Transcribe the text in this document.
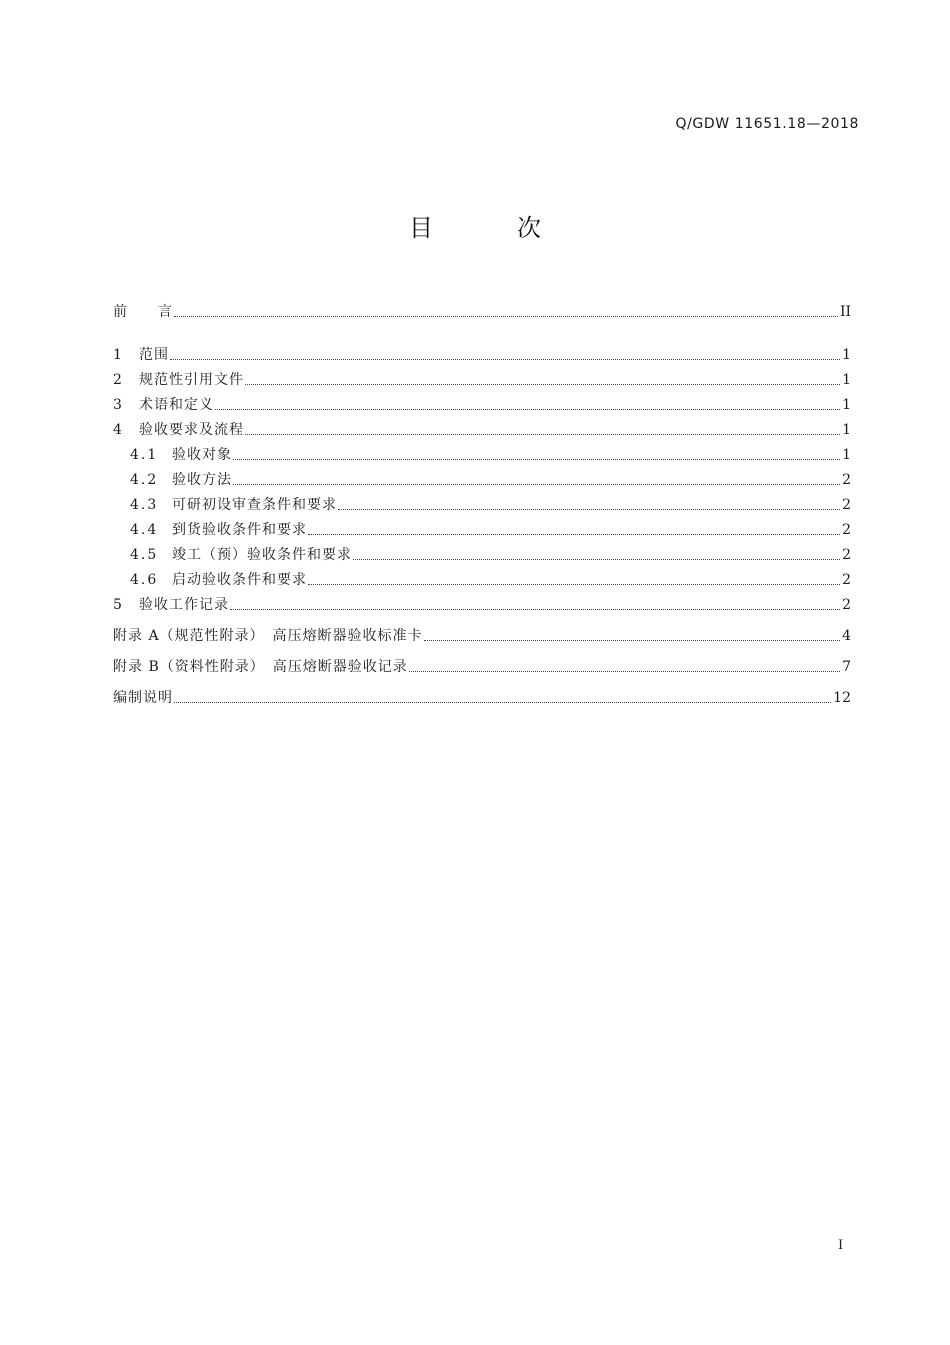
Q/GDW 11651.18—2018
目次
前　　言	II
1	范围	1
2	规范性引用文件	1
3	术语和定义	1
4	验收要求及流程	1
4.1 验收对象	1
4.2 验收方法	2
4.3 可研初设审查条件和要求	2
4.4 到货验收条件和要求	2
4.5 竣工（预）验收条件和要求	2
4.6 启动验收条件和要求	2
5	验收工作记录	2
附录 A（规范性附录）　高压熔断器验收标准卡	4
附录 B（资料性附录）　高压熔断器验收记录	7
编制说明	12
I
